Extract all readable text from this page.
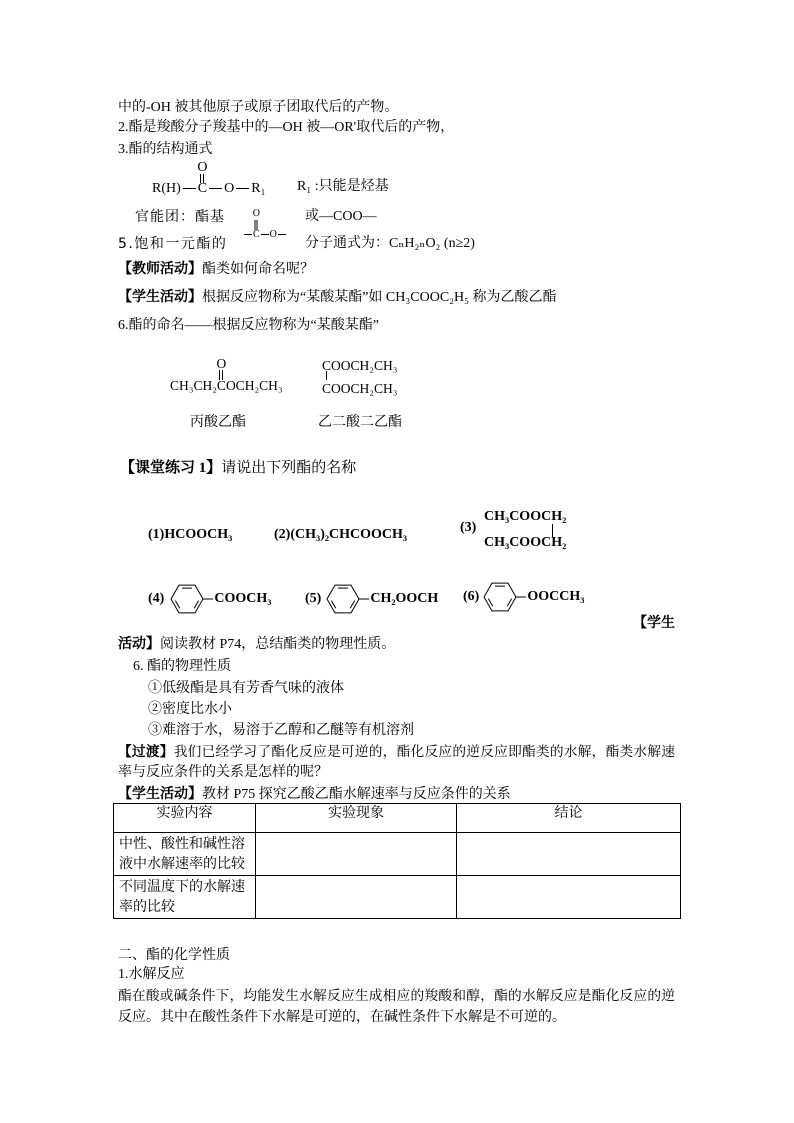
中的-OH 被其他原子或原子团取代后的产物。
2.酯是羧酸分子羧基中的—OH 被—OR'取代后的产物，
3.酯的结构通式
R(H)
O
C O R₁ R₁ :只能是烃基
官能团：酯基	O
C O
或—COO—
5.饱和一元酯的	分子通式为：CₙH₂ₙO₂ (n≥2)
【教师活动】酯类如何命名呢？
【学生活动】根据反应物称为“某酸某酯”如 CH₃COOC₂H₅ 称为乙酸乙酯
6.酯的命名——根据反应物称为“某酸某酯”
CH₃CH₂
O
COCH₂CH₃
COOCH₂CH₃
COOCH₂CH₃
丙酸乙酯	乙二酸二乙酯
【课堂练习 1】请说出下列酯的名称
(1) HCOOCH₃	(2) (CH₃)₂CHCOOCH₃	(3)
CH₃COOCH₂
CH₃COOCH₂
(4)	COOCH₃ (5)	CH₂OOCH (6)	OOCCH₃
【学生
活动】阅读教材 P74，总结酯类的物理性质。
6. 酯的物理性质
①低级酯是具有芳香气味的液体
②密度比水小
③难溶于水，易溶于乙醇和乙醚等有机溶剂
【过渡】我们已经学习了酯化反应是可逆的，酯化反应的逆反应即酯类的水解，酯类水解速
率与反应条件的关系是怎样的呢？
【学生活动】教材 P75 探究乙酸乙酯水解速率与反应条件的关系
实验内容	实验现象	结论
中性、酸性和碱性溶液中水解速率的比较		
不同温度下的水解速率的比较		
二、酯的化学性质
1.水解反应
酯在酸或碱条件下，均能发生水解反应生成相应的羧酸和醇，酯的水解反应是酯化反应的逆
反应。其中在酸性条件下水解是可逆的，在碱性条件下水解是不可逆的。
